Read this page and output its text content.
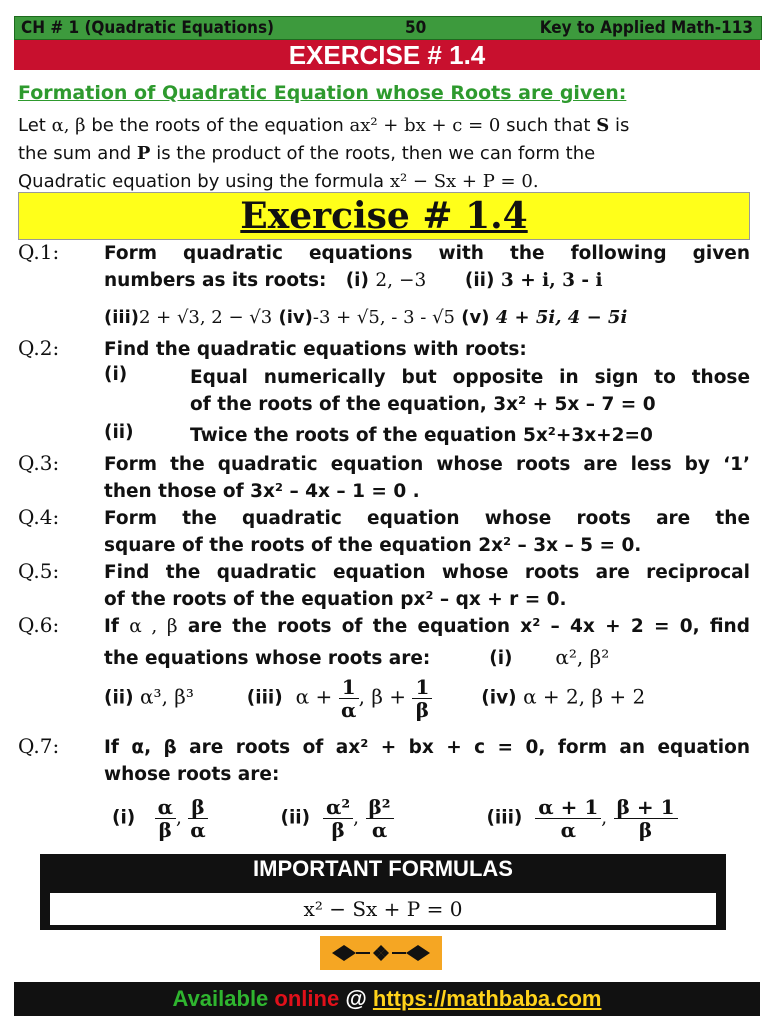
CH # 1 (Quadratic Equations)	50	Key to Applied Math-113
EXERCISE # 1.4
Formation of Quadratic Equation whose Roots are given:
Let α, β be the roots of the equation ax² + bx + c = 0 such that S is
the sum and P is the product of the roots, then we can form the
Quadratic equation by using the formula x² − Sx + P = 0.
Exercise # 1.4
Q.1: Form quadratic equations with the following given
numbers as its roots: (i) 2, −3 (ii) 3 + i, 3 - i
(iii)2 + √3, 2 − √3 (iv)-3 + √5, - 3 - √5 (v) 4 + 5i, 4 − 5i
Q.2: Find the quadratic equations with roots:
(i)	Equal numerically but opposite in sign to those
of the roots of the equation, 3x² + 5x – 7 = 0
(ii)	Twice the roots of the equation 5x²+3x+2=0
Q.3: Form the quadratic equation whose roots are less by ‘1’
then those of 3x² – 4x – 1 = 0 .
Q.4: Form the quadratic equation whose roots are the
square of the roots of the equation 2x² – 3x – 5 = 0.
Q.5: Find the quadratic equation whose roots are reciprocal
of the roots of the equation px² – qx + r = 0.
Q.6: If α , β are the roots of the equation x² – 4x + 2 = 0, find
the equations whose roots are:	(i) α², β²
(ii) α³, β³	(iii) $\alpha + \frac{1}{\alpha}$ , $\beta + \frac{1}{\beta}$	(iv) α + 2, β + 2
Q.7: If α, β are roots of ax² + bx + c = 0, form an equation
whose roots are:
$(i) \frac{\alpha}{\beta}$ , $\frac{\beta}{\alpha}$	$(ii) \frac{\text{α²}}{\beta}$ , $\frac{\text{β²}}{\alpha}$	$(iii) \frac{\alpha + 1}{\alpha}$ , $\frac{\beta + 1}{\beta}$
IMPORTANT FORMULAS
x² − Sx + P = 0
Available online @ https://mathbaba.com
